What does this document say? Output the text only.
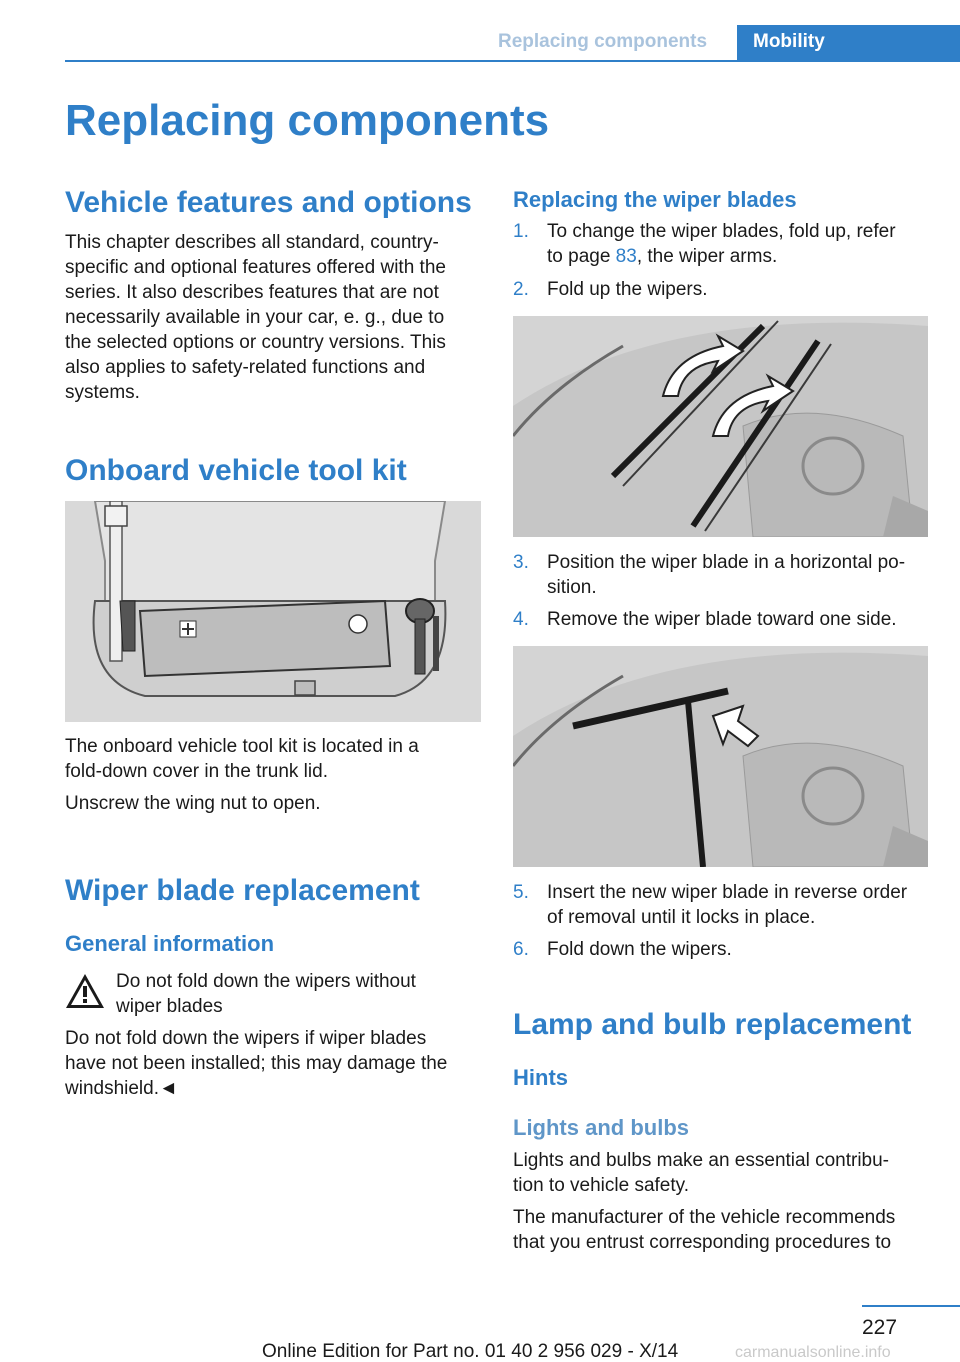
Replacing components	Mobility
Replacing components
Vehicle features and options
This chapter describes all standard, country-
specific and optional features offered with the
series. It also describes features that are not
necessarily available in your car, e. g., due to
the selected options or country versions. This
also applies to safety-related functions and
systems.
Onboard vehicle tool kit
The onboard vehicle tool kit is located in a
fold-down cover in the trunk lid.
Unscrew the wing nut to open.
Wiper blade replacement
General information
Do not fold down the wipers without
wiper blades
Do not fold down the wipers if wiper blades
have not been installed; this may damage the
windshield.◄
Replacing the wiper blades
1. To change the wiper blades, fold up, refer
to page 83, the wiper arms.
2. Fold up the wipers.
3. Position the wiper blade in a horizontal po-
sition.
4. Remove the wiper blade toward one side.
5. Insert the new wiper blade in reverse order
of removal until it locks in place.
6. Fold down the wipers.
Lamp and bulb replacement
Hints
Lights and bulbs
Lights and bulbs make an essential contribu-
tion to vehicle safety.
The manufacturer of the vehicle recommends
that you entrust corresponding procedures to
227
Online Edition for Part no. 01 40 2 956 029 - X/14	carmanualsonline.info
